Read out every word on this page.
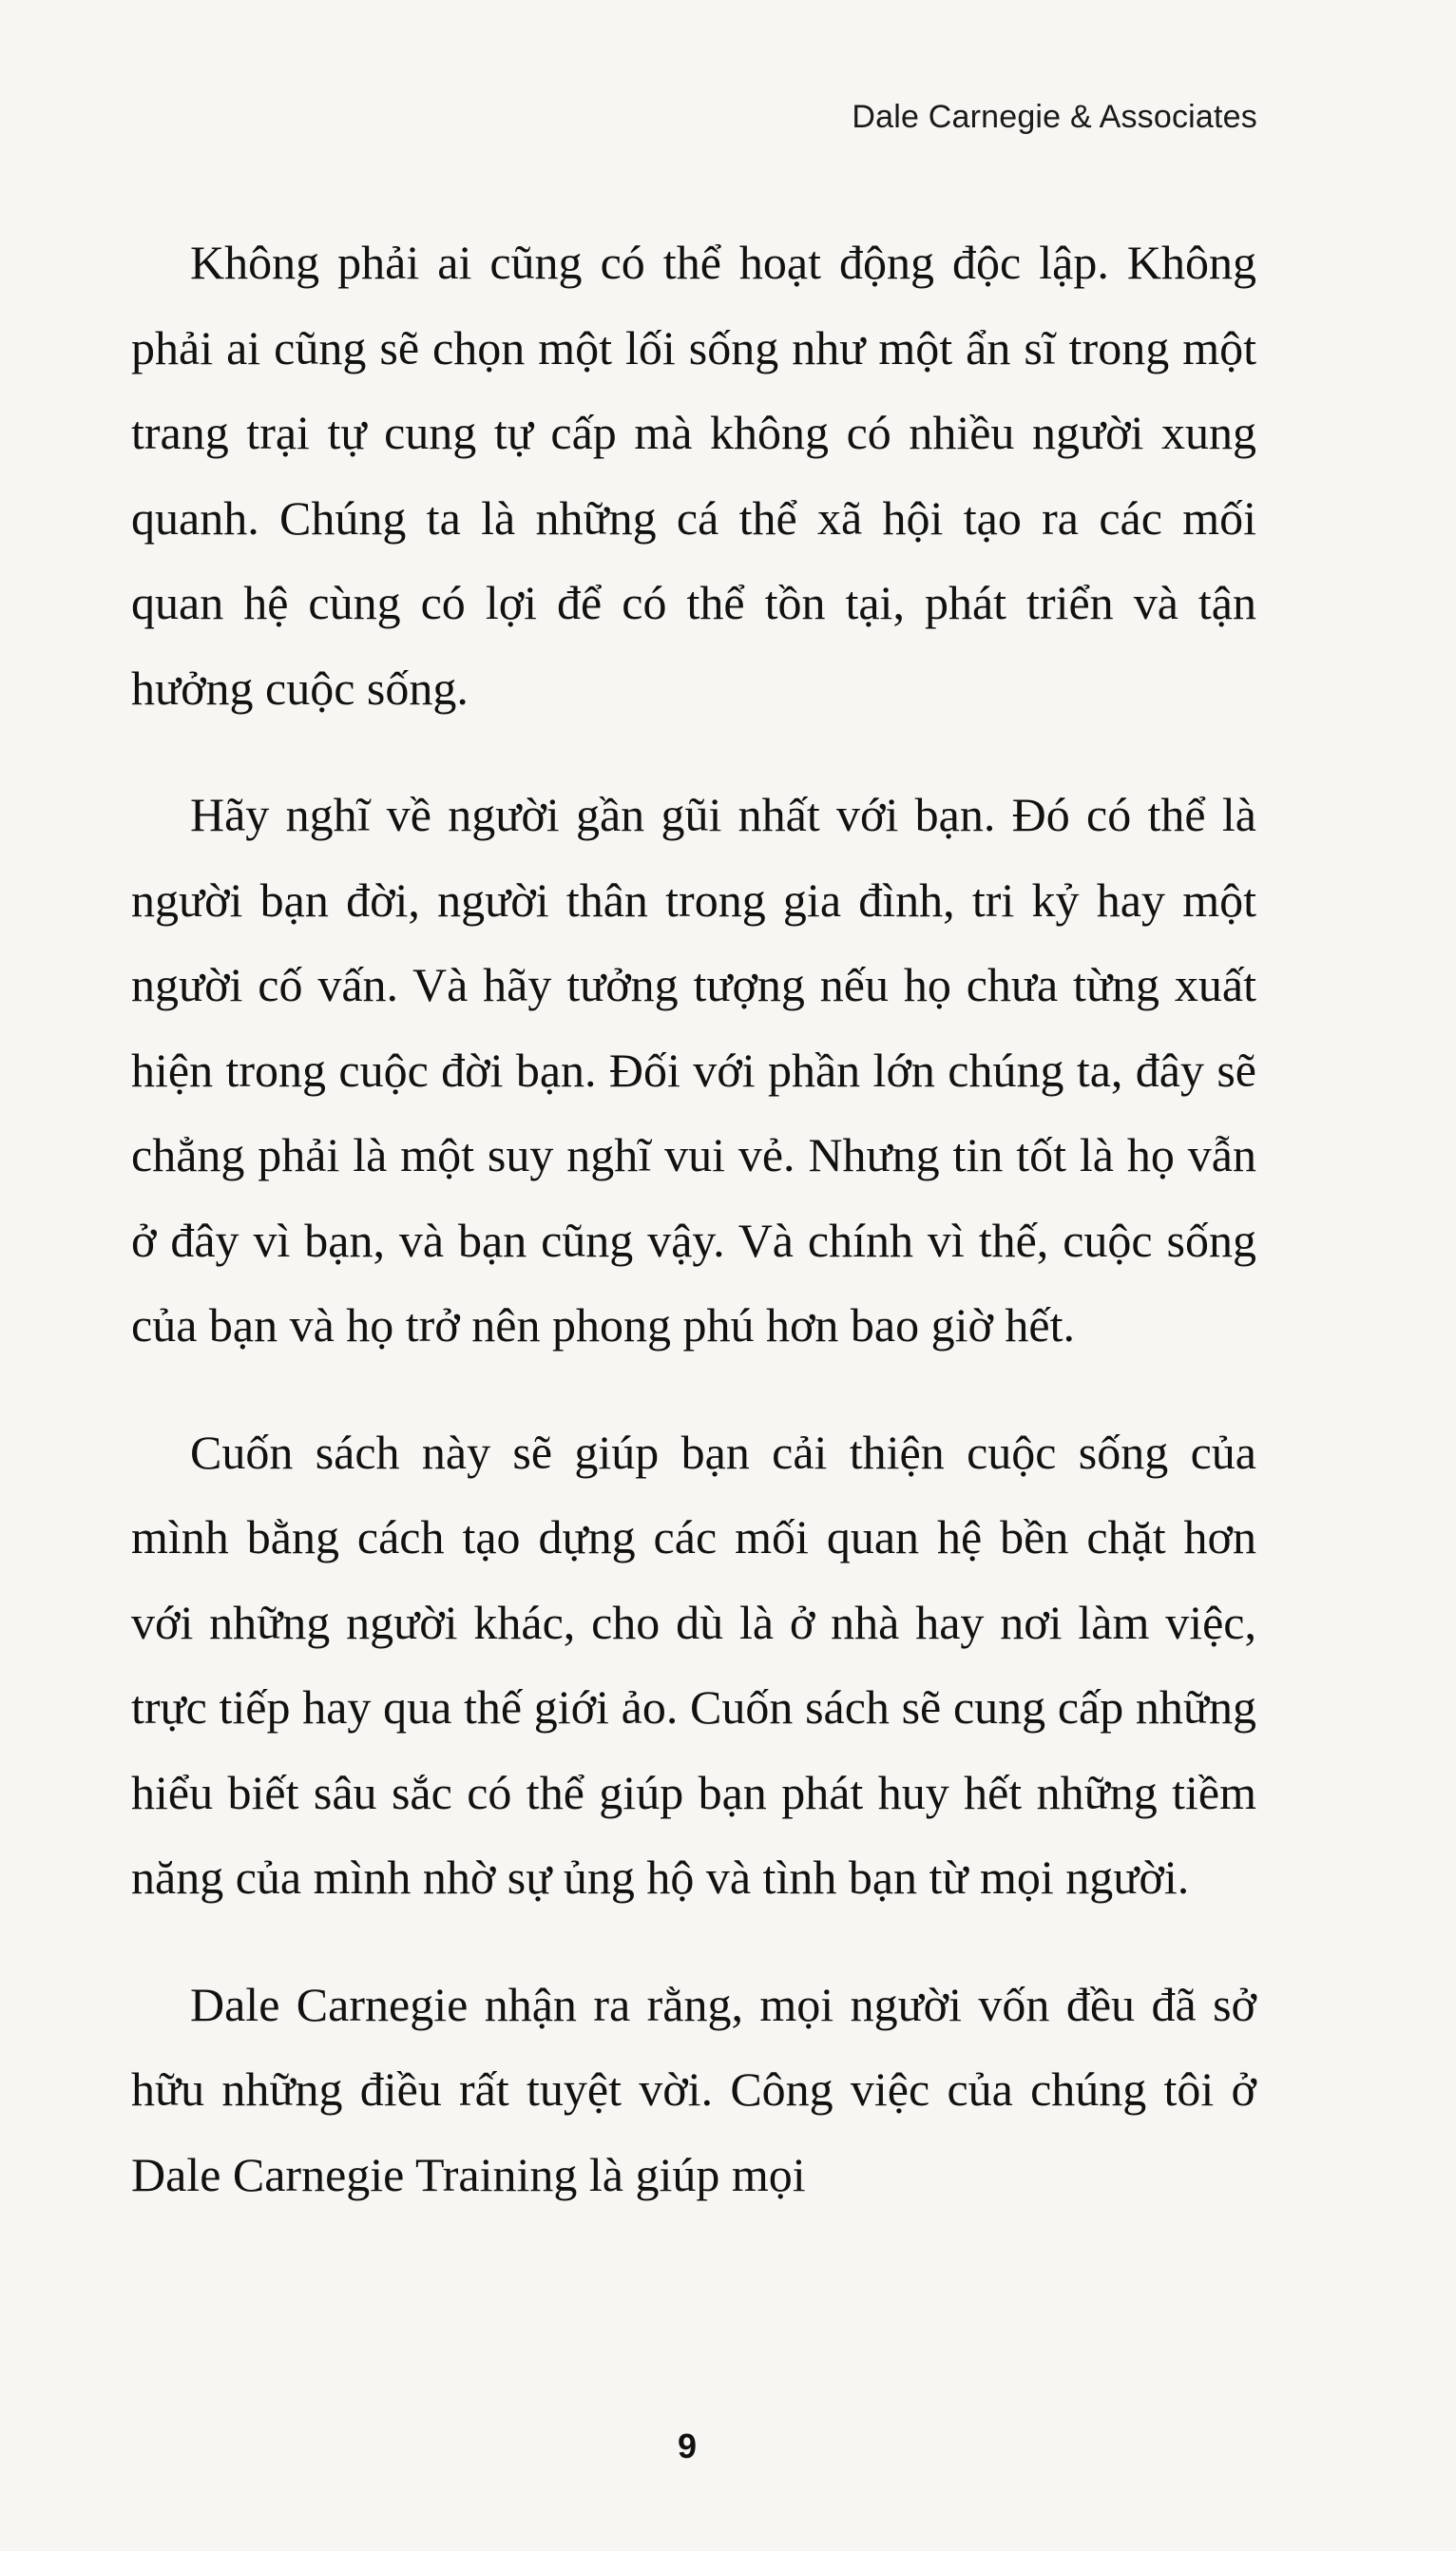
Dale Carnegie & Associates

Không phải ai cũng có thể hoạt động độc lập. Không phải ai cũng sẽ chọn một lối sống như một ẩn sĩ trong một trang trại tự cung tự cấp mà không có nhiều người xung quanh. Chúng ta là những cá thể xã hội tạo ra các mối quan hệ cùng có lợi để có thể tồn tại, phát triển và tận hưởng cuộc sống.

Hãy nghĩ về người gần gũi nhất với bạn. Đó có thể là người bạn đời, người thân trong gia đình, tri kỷ hay một người cố vấn. Và hãy tưởng tượng nếu họ chưa từng xuất hiện trong cuộc đời bạn. Đối với phần lớn chúng ta, đây sẽ chẳng phải là một suy nghĩ vui vẻ. Nhưng tin tốt là họ vẫn ở đây vì bạn, và bạn cũng vậy. Và chính vì thế, cuộc sống của bạn và họ trở nên phong phú hơn bao giờ hết.

Cuốn sách này sẽ giúp bạn cải thiện cuộc sống của mình bằng cách tạo dựng các mối quan hệ bền chặt hơn với những người khác, cho dù là ở nhà hay nơi làm việc, trực tiếp hay qua thế giới ảo. Cuốn sách sẽ cung cấp những hiểu biết sâu sắc có thể giúp bạn phát huy hết những tiềm năng của mình nhờ sự ủng hộ và tình bạn từ mọi người.

Dale Carnegie nhận ra rằng, mọi người vốn đều đã sở hữu những điều rất tuyệt vời. Công việc của chúng tôi ở Dale Carnegie Training là giúp mọi

9
